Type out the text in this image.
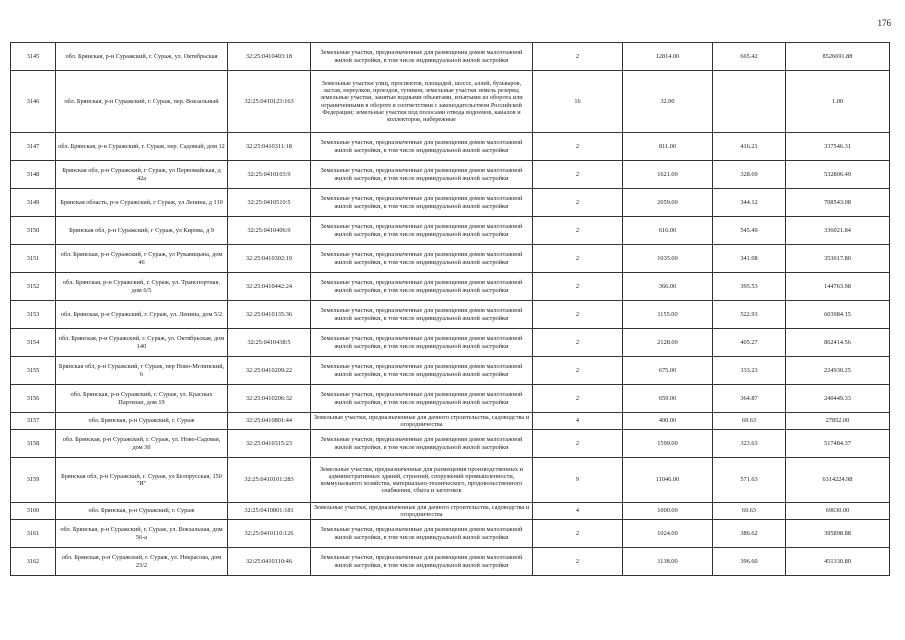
176
3145	обл. Брянская, р-н Суражский, г. Сураж, ул. Октябрьская	32:25:0410403:18	Земельные участки, предназначенные для размещения домов малоэтажной жилой застройки, в том числе индивидуальной жилой застройки	2	12814.00	665.42	8526691.88
3146	обл. Брянская, р-н Суражский, г. Сураж, пер. Вокзальный	32:25:0410123:163	Земельные участки улиц, проспектов, площадей, шоссе, аллей, бульваров, застав, переулков, проездов, тупиков; земельные участки земель резерва; земельные участки, занятые водными объектами, изъятыми из оборота или ограниченными в обороте в соответствии с законодательством Российской Федерации; земельные участки под полосами отвода водоемов, каналов и коллекторов, набережные	16	32.00		1.00
3147	обл. Брянская, р-н Суражский, г. Сураж, пер. Садовый, дом 12	32:25:0410311:18	Земельные участки, предназначенные для размещения домов малоэтажной жилой застройки, в том числе индивидуальной жилой застройки	2	811.00	416.21	337546.31
3148	Брянская обл, р-н Суражский, г Сураж, ул Первомайская, д 42а	32:25:0410103:9	Земельные участки, предназначенные для размещения домов малоэтажной жилой застройки, в том числе индивидуальной жилой застройки	2	1621.00	328.69	532806.49
3149	Брянская область, р-н Суражский, г Сураж, ул Ленина, д 110	32:25:0410510:5	Земельные участки, предназначенные для размещения домов малоэтажной жилой застройки, в том числе индивидуальной жилой застройки	2	2059.00	344.12	708543.08
3150	Брянская обл, р-н Суражский, г Сураж, ул Кирова, д 9	32:25:0410406:9	Земельные участки, предназначенные для размещения домов малоэтажной жилой застройки, в том числе индивидуальной жилой застройки	2	616.00	545.49	336021.84
3151	обл. Брянская, р-н Суражский, г Сураж, ул Рукавицына, дом 46	32:25:0410302:19	Земельные участки, предназначенные для размещения домов малоэтажной жилой застройки, в том числе индивидуальной жилой застройки	2	1035.00	341.08	353017.80
3152	обл. Брянская, р-н Суражский, г. Сураж, ул. Транспортная, дом 6/5	32:25:0410442:24	Земельные участки, предназначенные для размещения домов малоэтажной жилой застройки, в том числе индивидуальной жилой застройки	2	366.00	395.53	144763.98
3153	обл. Брянская, р-н Суражский, г. Сураж, ул. Ленина, дом 5/2	32:25:0410135:36	Земельные участки, предназначенные для размещения домов малоэтажной жилой застройки, в том числе индивидуальной жилой застройки	2	1155.00	522.93	603984.15
3154	обл. Брянская, р-н Суражский, г. Сураж, ул. Октябрьская, дом 140	32:25:0410438:5	Земельные участки, предназначенные для размещения домов малоэтажной жилой застройки, в том числе индивидуальной жилой застройки	2	2128.00	405.27	862414.56
3155	Брянская обл, р-н Суражский, г Сураж, пер Ново-Мглинский, 6	32:25:0410209:22	Земельные участки, предназначенные для размещения домов малоэтажной жилой застройки, в том числе индивидуальной жилой застройки	2	675.00	333.23	224930.25
3156	обл. Брянская, р-н Суражский, г. Сураж, ул. Красных Партизан, дом 19	32:25:0410206:32	Земельные участки, предназначенные для размещения домов малоэтажной жилой застройки, в том числе индивидуальной жилой застройки	2	659.00	364.87	240449.33
3157	обл. Брянская, р-н Суражский, г. Сураж	32:25:0410801:44	Земельные участки, предназначенные для дачного строительства, садоводства и огородничества	4	400.00	69.63	27852.00
3158	обл. Брянская, р-н Суражский, г. Сураж, ул. Ново-Садовая, дом 30	32:25:0410315:23	Земельные участки, предназначенные для размещения домов малоэтажной жилой застройки, в том числе индивидуальной жилой застройки	2	1599.00	323.63	517484.37
3159	Брянская обл, р-н Суражский, г. Сураж, ул Белорусская, 150 "И"	32:25:0410101:283	Земельные участки, предназначенные для размещения производственных и административных зданий, строений, сооружений промышленности, коммунального хозяйства, материально-технического, продовольственного снабжения, сбыта и заготовок	9	11046.00	571.63	6314224.98
3160	обл. Брянская, р-н Суражский, г. Сураж	32:25:0410801:181	Земельные участки, предназначенные для дачного строительства, садоводства и огородничества	4	1000.00	69.63	69630.00
3161	обл. Брянская, р-н Суражский, г. Сураж, ул. Вокзальная, дом 56-а	32:25:0410110:126	Земельные участки, предназначенные для размещения домов малоэтажной жилой застройки, в том числе индивидуальной жилой застройки	2	1024.00	386.62	395898.88
3162	обл. Брянская, р-н Суражский, г. Сураж, ул. Некрасова, дом 23/2	32:25:0410110:46	Земельные участки, предназначенные для размещения домов малоэтажной жилой застройки, в том числе индивидуальной жилой застройки	2	1138.00	396.60	451330.80
